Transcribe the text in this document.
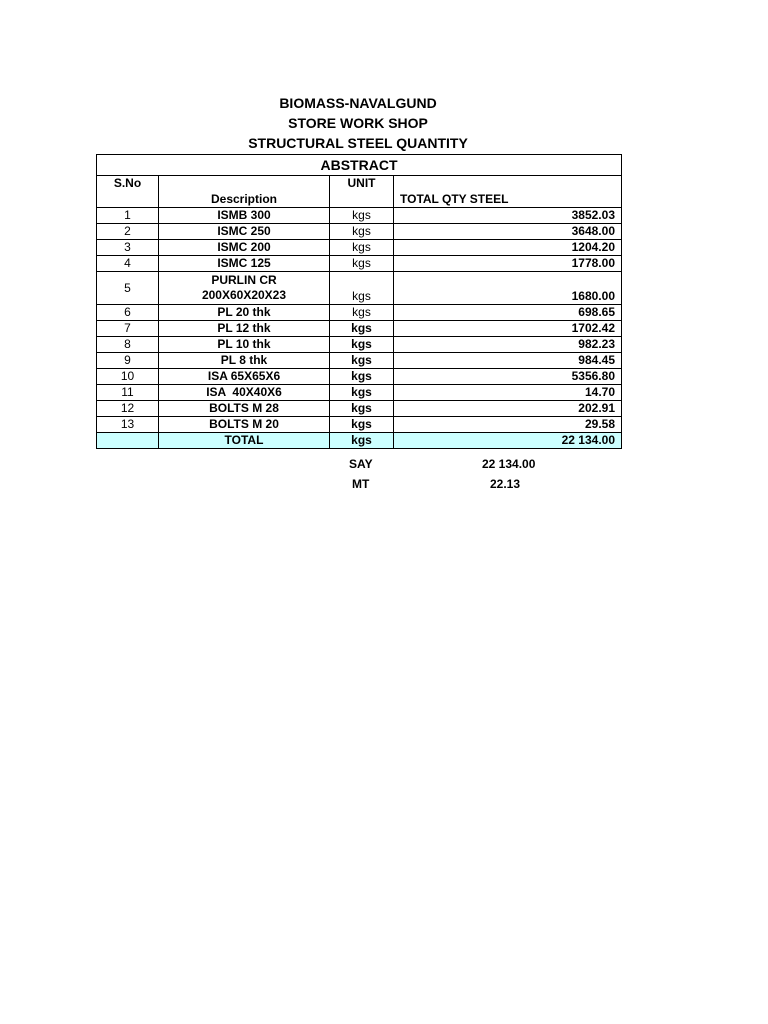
BIOMASS-NAVALGUND
STORE WORK SHOP
STRUCTURAL STEEL QUANTITY
ABSTRACT			
S.No	Description	UNIT	TOTAL QTY STEEL
1	ISMB 300	kgs	3852.03
2	ISMC 250	kgs	3648.00
3	ISMC 200	kgs	1204.20
4	ISMC 125	kgs	1778.00
5	PURLIN CR
200X60X20X23	kgs	1680.00
6	PL 20 thk	kgs	698.65
7	PL 12 thk	kgs	1702.42
8	PL 10 thk	kgs	982.23
9	PL 8 thk	kgs	984.45
10	ISA 65X65X6	kgs	5356.80
11	ISA  40X40X6	kgs	14.70
12	BOLTS M 28	kgs	202.91
13	BOLTS M 20	kgs	29.58
	TOTAL	kgs	22 134.00
SAY	22 134.00
MT	22.13
